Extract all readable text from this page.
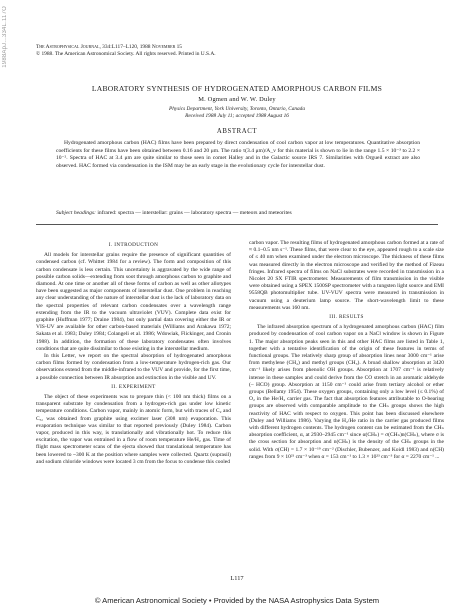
1988ApJ...334L.117O	The Astrophysical Journal, 334:L117–L120, 1988 November 15
© 1988. The American Astronomical Society. All rights reserved. Printed in U.S.A.
LABORATORY SYNTHESIS OF HYDROGENATED AMORPHOUS CARBON FILMS
M. Ogmen and W. W. Duley
Physics Department, York University, Toronto, Ontario, Canada
Received 1988 July 11; accepted 1988 August 16
ABSTRACT

Hydrogenated amorphous carbon (HAC) films have been prepared by direct condensation of cool carbon vapor at low temperatures. Quantitative absorption coefficients for these films have been obtained between 0.16 and 20 μm. The ratio τ(3.4 μm)/A_v for this material is shown to lie in the range 1.5 × 10⁻³ to 2.2 × 10⁻². Spectra of HAC at 3.4 μm are quite similar to those seen in comet Halley and in the Galactic source IRS 7. Similarities with Orgueil extract are also observed. HAC formed via condensation in the ISM may be an early stage in the evolutionary cycle for interstellar dust.

Subject headings: infrared: spectra — interstellar: grains — laboratory spectra — meteors and meteorites
I. INTRODUCTION

All models for interstellar grains require the presence of significant quantities of condensed carbon (cf. Whittet 1984 for a review). The form and composition of this carbon condensate is less certain. This uncertainty is aggravated by the wide range of possible carbon solids—extending from soot through amorphous carbon to graphite and diamond. At one time or another all of these forms of carbon as well as other allotypes have been suggested as major components of interstellar dust. One problem in reaching any clear understanding of the nature of interstellar dust is the lack of laboratory data on the spectral properties of relevant carbon condensates over a wavelength range extending from the IR to the vacuum ultraviolet (VUV). Complete data exist for graphite (Huffman 1977; Draine 1984), but only partial data covering either the IR or VIS-UV are available for other carbon-based materials (Williams and Arakawa 1972; Sakata et al. 1983; Duley 1984; Colangeli et al. 1986; Wdowiak, Flickinger, and Cronin 1988). In addition, the formation of these laboratory condensates often involves conditions that are quite dissimilar to those existing in the interstellar medium.

In this Letter, we report on the spectral absorption of hydrogenated amorphous carbon films formed by condensation from a low-temperature hydrogen-rich gas. Our observations extend from the middle-infrared to the VUV and provide, for the first time, a possible connection between IR absorption and extinction in the visible and UV.

II. EXPERIMENT

The object of these experiments was to prepare thin (< 100 nm thick) films on a transparent substrate by condensation from a hydrogen-rich gas under low kinetic temperature conditions. Carbon vapor, mainly in atomic form, but with traces of C₂ and C₃, was obtained from graphite using excimer laser (308 nm) evaporation. This evaporation technique was similar to that reported previously (Duley 1984). Carbon vapor, produced in this way, is translationally and vibrationally hot. To reduce this excitation, the vapor was entrained in a flow of room temperature He/H₂ gas. Time of flight mass spectrometer scans of the ejecta showed that translational temperature has been lowered to ~300 K at the position where samples were collected. Quartz (suprasil) and sodium chloride windows were located 3 cm from the focus to condense this cooled

carbon vapor. The resulting films of hydrogenated amorphous carbon formed at a rate of ≈ 0.1–0.5 nm s⁻¹. These films, that were clear to the eye, appeared rough to a scale size of ≤ 40 nm when examined under the electron microscope. The thickness of these films was measured directly in the electron microscope and verified by the method of Fizeau fringes. Infrared spectra of films on NaCl substrates were recorded in transmission in a Nicolet 20 SX FTIR spectrometer. Measurements of film transmission in the visible were obtained using a SPEX 1500SP spectrometer with a tungsten light source and EMI 9558QB photomultiplier tube. UV-VUV spectra were measured in transmission in vacuum using a deuterium lamp source. The short-wavelength limit to these measurements was 160 nm.

III. RESULTS

The infrared absorption spectrum of a hydrogenated amorphous carbon (HAC) film produced by condensation of cool carbon vapor on a NaCl window is shown in Figure 1. The major absorption peaks seen in this and other HAC films are listed in Table 1, together with a tentative identification of the origin of these features in terms of functional groups. The relatively sharp group of absorption lines near 3000 cm⁻¹ arise from methylene (CH₂) and methyl groups (CH₃). A broad shallow absorption at 3420 cm⁻¹ likely arises from phenolic OH groups. Absorption at 1707 cm⁻¹ is relatively intense in these samples and could derive from the CO stretch in an aromatic aldehyde (– HCO) group. Absorption at 1150 cm⁻¹ could arise from tertiary alcohol or ether groups (Bellamy 1954). These oxygen groups, containing only a low level (≤ 0.1%) of O₂ in the He/H₂ carrier gas. The fact that absorption features attributable to O-bearing groups are observed with comparable amplitude to the CHₙ groups shows the high reactivity of HAC with respect to oxygen. This point has been discussed elsewhere (Duley and Williams 1986). Varying the H₂/He ratio in the carrier gas produced films with different hydrogen contents. The hydrogen content can be estimated from the CHₙ absorption coefficient, α, at 2930–2945 cm⁻¹ since α(CHₙ) = σ(CHₙ)n(CHₙ), where σ is the cross section for absorption and n(CHₙ) is the density of the CHₙ groups in the solid. With σ(CH) = 1.7 × 10⁻¹⁹ cm⁻² (Dischler, Bubenzer, and Koidl 1983) and n(CH) ranges from 9 × 10²¹ cm⁻³ when α = 153 cm⁻¹ to 1.3 × 10²³ cm⁻³ for α = 2270 cm⁻¹ ...

L117
© American Astronomical Society • Provided by the NASA Astrophysics Data System
